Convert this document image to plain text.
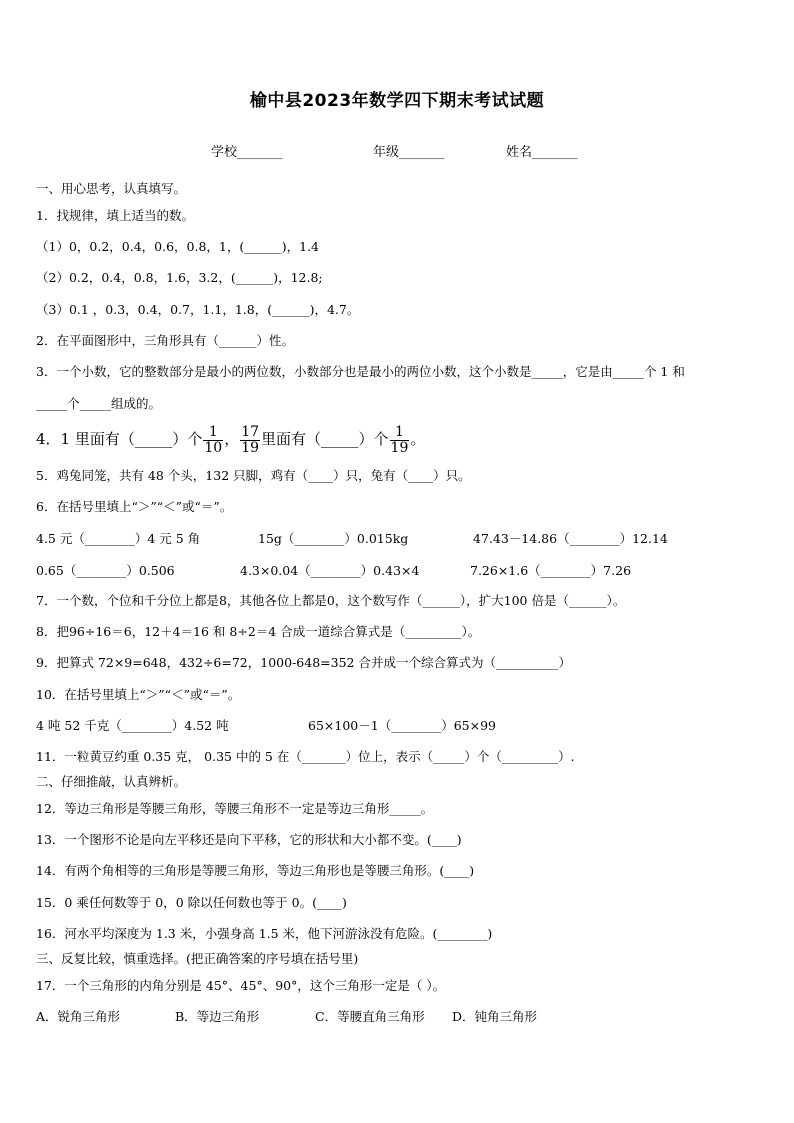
榆中县2023年数学四下期末考试试题
学校_______	年级_______	姓名_______
一、用心思考，认真填写。
1．找规律，填上适当的数。
（1）0，0.2，0.4，0.6，0.8，1，(______)，1.4
（2）0.2，0.4，0.8，1.6，3.2，(______)，12.8;
（3）0.1 ，0.3，0.4，0.7，1.1，1.8，(______)，4.7。
2．在平面图形中，三角形具有（______）性。
3．一个小数，它的整数部分是最小的两位数，小数部分也是最小的两位小数，这个小数是_____，它是由_____个 1 和
_____个_____组成的。
4．1 里面有（_____）个 $\frac{1}{10}$ ， $\frac{17}{19}$ 里面有（_____）个 $\frac{1}{19}$ 。
5．鸡兔同笼，共有 48 个头，132 只脚，鸡有（____）只，兔有（____）只。
6．在括号里填上“＞”“＜”或“＝”。
4.5 元（________）4 元 5 角	15g（________）0.015kg	47.43－14.86（________）12.14
0.65（________）0.506	4.3×0.04（________）0.43×4	7.26×1.6（________）7.26
7．一个数，个位和千分位上都是8，其他各位上都是0，这个数写作（______），扩大100 倍是（______）。
8．把96÷16＝6，12＋4＝16 和 8÷2＝4 合成一道综合算式是（_________）。
9．把算式 72×9=648，432÷6=72，1000-648=352 合并成一个综合算式为（__________）
10．在括号里填上“＞”“＜”或“＝”。
4 吨 52 千克（________）4.52 吨	65×100－1（________）65×99
11．一粒黄豆约重 0.35 克， 0.35 中的 5 在（_______）位上，表示（_____）个（_________）.
二、仔细推敲，认真辨析。
12．等边三角形是等腰三角形，等腰三角形不一定是等边三角形_____。
13．一个图形不论是向左平移还是向下平移，它的形状和大小都不变。(____)
14．有两个角相等的三角形是等腰三角形，等边三角形也是等腰三角形。(____)
15．0 乘任何数等于 0，0 除以任何数也等于 0。(____)
16．河水平均深度为 1.3 米，小强身高 1.5 米，他下河游泳没有危险。(________)
三、反复比较，慎重选择。(把正确答案的序号填在括号里)
17．一个三角形的内角分别是 45°、45°、90°，这个三角形一定是（ ）。
A．锐角三角形	B．等边三角形	C．等腰直角三角形 D．钝角三角形
